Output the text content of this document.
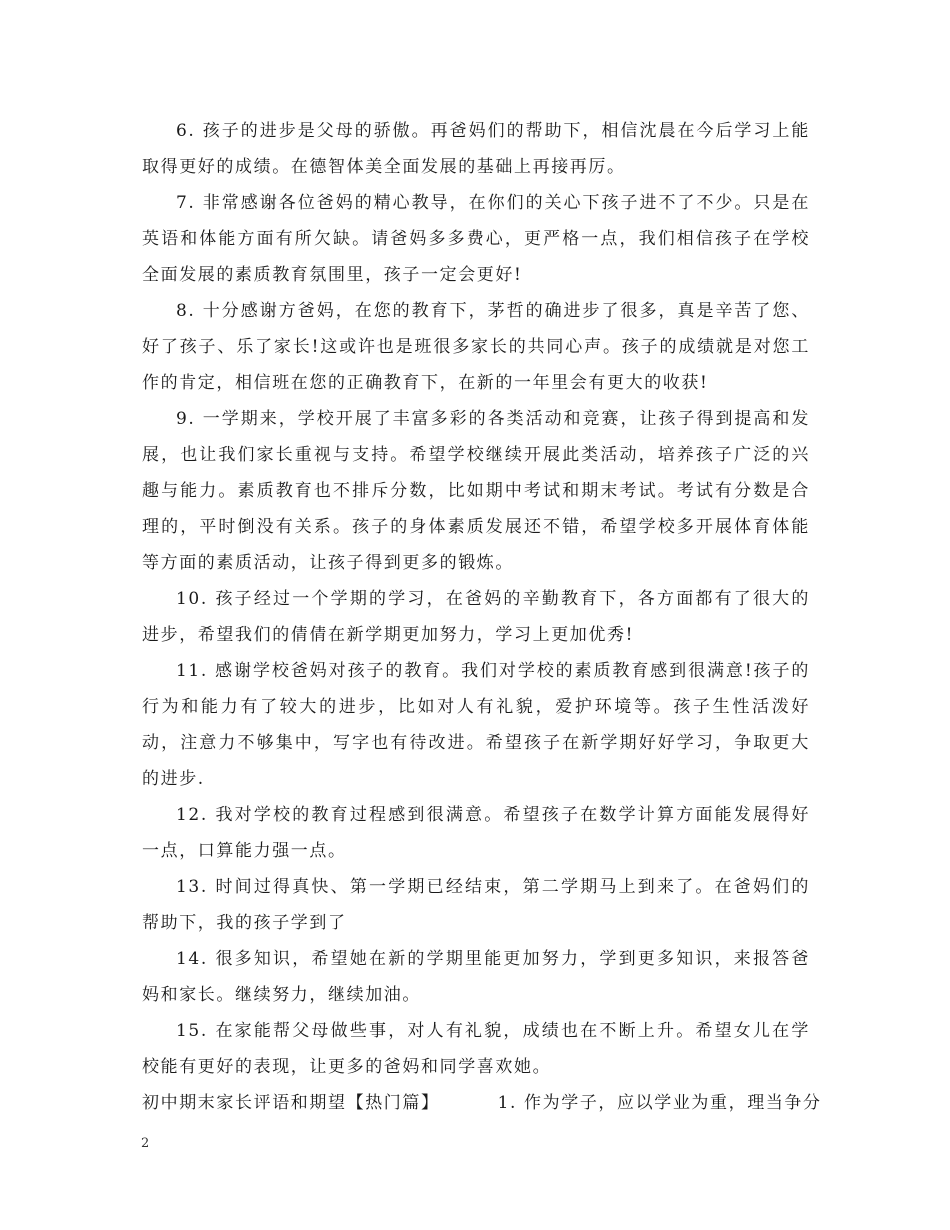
6. 孩子的进步是父母的骄傲。再爸妈们的帮助下，相信沈晨在今后学习上能取得更好的成绩。在德智体美全面发展的基础上再接再厉。

7. 非常感谢各位爸妈的精心教导，在你们的关心下孩子进不了不少。只是在英语和体能方面有所欠缺。请爸妈多多费心，更严格一点，我们相信孩子在学校全面发展的素质教育氛围里，孩子一定会更好!

8. 十分感谢方爸妈，在您的教育下，茅哲的确进步了很多，真是辛苦了您、好了孩子、乐了家长!这或许也是班很多家长的共同心声。孩子的成绩就是对您工作的肯定，相信班在您的正确教育下，在新的一年里会有更大的收获!

9. 一学期来，学校开展了丰富多彩的各类活动和竞赛，让孩子得到提高和发展，也让我们家长重视与支持。希望学校继续开展此类活动，培养孩子广泛的兴趣与能力。素质教育也不排斥分数，比如期中考试和期末考试。考试有分数是合理的，平时倒没有关系。孩子的身体素质发展还不错，希望学校多开展体育体能等方面的素质活动，让孩子得到更多的锻炼。

10. 孩子经过一个学期的学习，在爸妈的辛勤教育下，各方面都有了很大的进步，希望我们的倩倩在新学期更加努力，学习上更加优秀!

11. 感谢学校爸妈对孩子的教育。我们对学校的素质教育感到很满意!孩子的行为和能力有了较大的进步，比如对人有礼貌，爱护环境等。孩子生性活泼好动，注意力不够集中，写字也有待改进。希望孩子在新学期好好学习，争取更大的进步.

12. 我对学校的教育过程感到很满意。希望孩子在数学计算方面能发展得好一点，口算能力强一点。

13. 时间过得真快、第一学期已经结束，第二学期马上到来了。在爸妈们的帮助下，我的孩子学到了

14. 很多知识，希望她在新的学期里能更加努力，学到更多知识，来报答爸妈和家长。继续努力，继续加油。

15. 在家能帮父母做些事，对人有礼貌，成绩也在不断上升。希望女儿在学校能有更好的表现，让更多的爸妈和同学喜欢她。

初中期末家长评语和期望【热门篇】	1. 作为学子，应以学业为重，理当争分

2
